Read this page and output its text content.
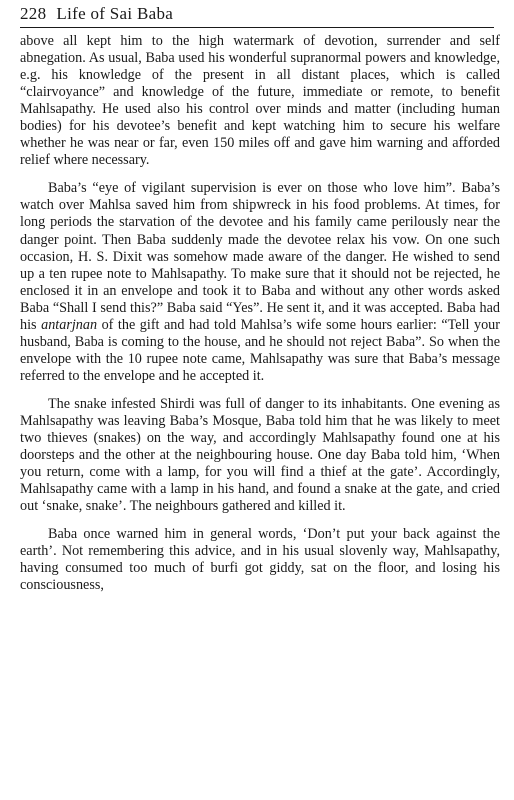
228 Life of Sai Baba

above all kept him to the high watermark of devotion, surrender and self abnegation. As usual, Baba used his wonderful supranormal powers and knowledge, e.g. his knowledge of the present in all distant places, which is called “clairvoyance” and knowledge of the future, immediate or remote, to benefit Mahlsapathy. He used also his control over minds and matter (including human bodies) for his devotee’s benefit and kept watching him to secure his welfare whether he was near or far, even 150 miles off and gave him warning and afforded relief where necessary.

Baba’s “eye of vigilant supervision is ever on those who love him”. Baba’s watch over Mahlsa saved him from shipwreck in his food problems. At times, for long periods the starvation of the devotee and his family came perilously near the danger point. Then Baba suddenly made the devotee relax his vow. On one such occasion, H. S. Dixit was somehow made aware of the danger. He wished to send up a ten rupee note to Mahlsapathy. To make sure that it should not be rejected, he enclosed it in an envelope and took it to Baba and without any other words asked Baba “Shall I send this?” Baba said “Yes”. He sent it, and it was accepted. Baba had his antarjnan of the gift and had told Mahlsa’s wife some hours earlier: “Tell your husband, Baba is coming to the house, and he should not reject Baba”. So when the envelope with the 10 rupee note came, Mahlsapathy was sure that Baba’s message referred to the envelope and he accepted it.

The snake infested Shirdi was full of danger to its inhabitants. One evening as Mahlsapathy was leaving Baba’s Mosque, Baba told him that he was likely to meet two thieves (snakes) on the way, and accordingly Mahlsapathy found one at his doorsteps and the other at the neighbouring house. One day Baba told him, ‘When you return, come with a lamp, for you will find a thief at the gate’. Accordingly, Mahlsapathy came with a lamp in his hand, and found a snake at the gate, and cried out ‘snake, snake’. The neighbours gathered and killed it.

Baba once warned him in general words, ‘Don’t put your back against the earth’. Not remembering this advice, and in his usual slovenly way, Mahlsapathy, having consumed too much of burfi got giddy, sat on the floor, and losing his consciousness,
